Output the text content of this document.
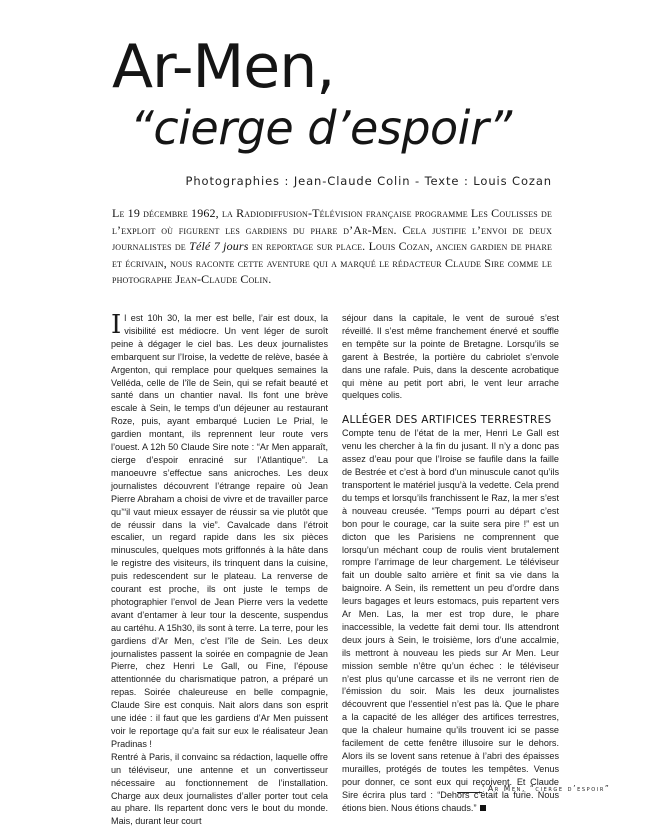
Ar-Men,
“cierge d’espoir”
Photographies : Jean-Claude Colin - Texte : Louis Cozan

Le 19 décembre 1962, la Radiodiffusion-Télévision française programme Les Coulisses de l’exploit où figurent les gardiens du phare d’Ar-Men. Cela justifie l’envoi de deux journalistes de Télé 7 jours en reportage sur place. Louis Cozan, ancien gardien de phare et écrivain, nous raconte cette aventure qui a marqué le rédacteur Claude Sire comme le photographe Jean-Claude Colin.

Il est 10h 30, la mer est belle, l’air est doux, la visibilité est médiocre. Un vent léger de suroît peine à dégager le ciel bas. Les deux journalistes embarquent sur l’Iroise, la vedette de relève, basée à Argenton, qui remplace pour quelques semaines la Velléda, celle de l’île de Sein, qui se refait beauté et santé dans un chantier naval. Ils font une brève escale à Sein, le temps d’un déjeuner au restaurant Roze, puis, ayant embarqué Lucien Le Prial, le gardien montant, ils reprennent leur route vers l’ouest. A 12h 50 Claude Sire note : “Ar Men apparaît, cierge d’espoir enraciné sur l’Atlantique”. La manoeuvre s’effectue sans anicroches. Les deux journalistes découvrent l’étrange repaire où Jean Pierre Abraham a choisi de vivre et de travailler parce qu’“il vaut mieux essayer de réussir sa vie plutôt que de réussir dans la vie”. Cavalcade dans l’étroit escalier, un regard rapide dans les six pièces minuscules, quelques mots griffonnés à la hâte dans le registre des visiteurs, ils trinquent dans la cuisine, puis redescendent sur le plateau. La renverse de courant est proche, ils ont juste le temps de photographier l’envol de Jean Pierre vers la vedette avant d’entamer à leur tour la descente, suspendus au cartéhu. A 15h30, ils sont à terre. La terre, pour les gardiens d’Ar Men, c’est l’île de Sein. Les deux journalistes passent la soirée en compagnie de Jean Pierre, chez Henri Le Gall, ou Fine, l’épouse attentionnée du charismatique patron, a préparé un repas. Soirée chaleureuse en belle compagnie, Claude Sire est conquis. Nait alors dans son esprit une idée : il faut que les gardiens d’Ar Men puissent voir le reportage qu’a fait sur eux le réalisateur Jean Pradinas !

Rentré à Paris, il convainc sa rédaction, laquelle offre un téléviseur, une antenne et un convertisseur nécessaire au fonctionnement de l’installation. Charge aux deux journalistes d’aller porter tout cela au phare. Ils repartent donc vers le bout du monde. Mais, durant leur court

séjour dans la capitale, le vent de suroué s’est réveillé. Il s’est même franchement énervé et souffle en tempête sur la pointe de Bretagne. Lorsqu’ils se garent à Bestrée, la portière du cabriolet s’envole dans une rafale. Puis, dans la descente acrobatique qui mène au petit port abri, le vent leur arrache quelques colis.

ALLÉGER DES ARTIFICES TERRESTRES

Compte tenu de l’état de la mer, Henri Le Gall est venu les chercher à la fin du jusant. Il n’y a donc pas assez d’eau pour que l’Iroise se faufile dans la faille de Bestrée et c’est à bord d’un minuscule canot qu’ils transportent le matériel jusqu’à la vedette. Cela prend du temps et lorsqu’ils franchissent le Raz, la mer s’est à nouveau creusée. “Temps pourri au départ c’est bon pour le courage, car la suite sera pire !” est un dicton que les Parisiens ne comprennent que lorsqu’un méchant coup de roulis vient brutalement rompre l’arrimage de leur chargement. Le téléviseur fait un double salto arrière et finit sa vie dans la baignoire. A Sein, ils remettent un peu d’ordre dans leurs bagages et leurs estomacs, puis repartent vers Ar Men. Las, la mer est trop dure, le phare inaccessible, la vedette fait demi tour. Ils attendront deux jours à Sein, le troisième, lors d’une accalmie, ils mettront à nouveau les pieds sur Ar Men. Leur mission semble n’être qu’un échec : le téléviseur n’est plus qu’une carcasse et ils ne verront rien de l’émission du soir. Mais les deux journalistes découvrent que l’essentiel n’est pas là. Que le phare a la capacité de les alléger des artifices terrestres, que la chaleur humaine qu’ils trouvent ici se passe facilement de cette fenêtre illusoire sur le dehors. Alors ils se lovent sans retenue à l’abri des épaisses murailles, protégés de toutes les tempêtes. Venus pour donner, ce sont eux qui reçoivent. Et Claude Sire écrira plus tard : “Dehors c’était la furie. Nous étions bien. Nous étions chauds.”

Ar Men, “cierge d’espoir”
